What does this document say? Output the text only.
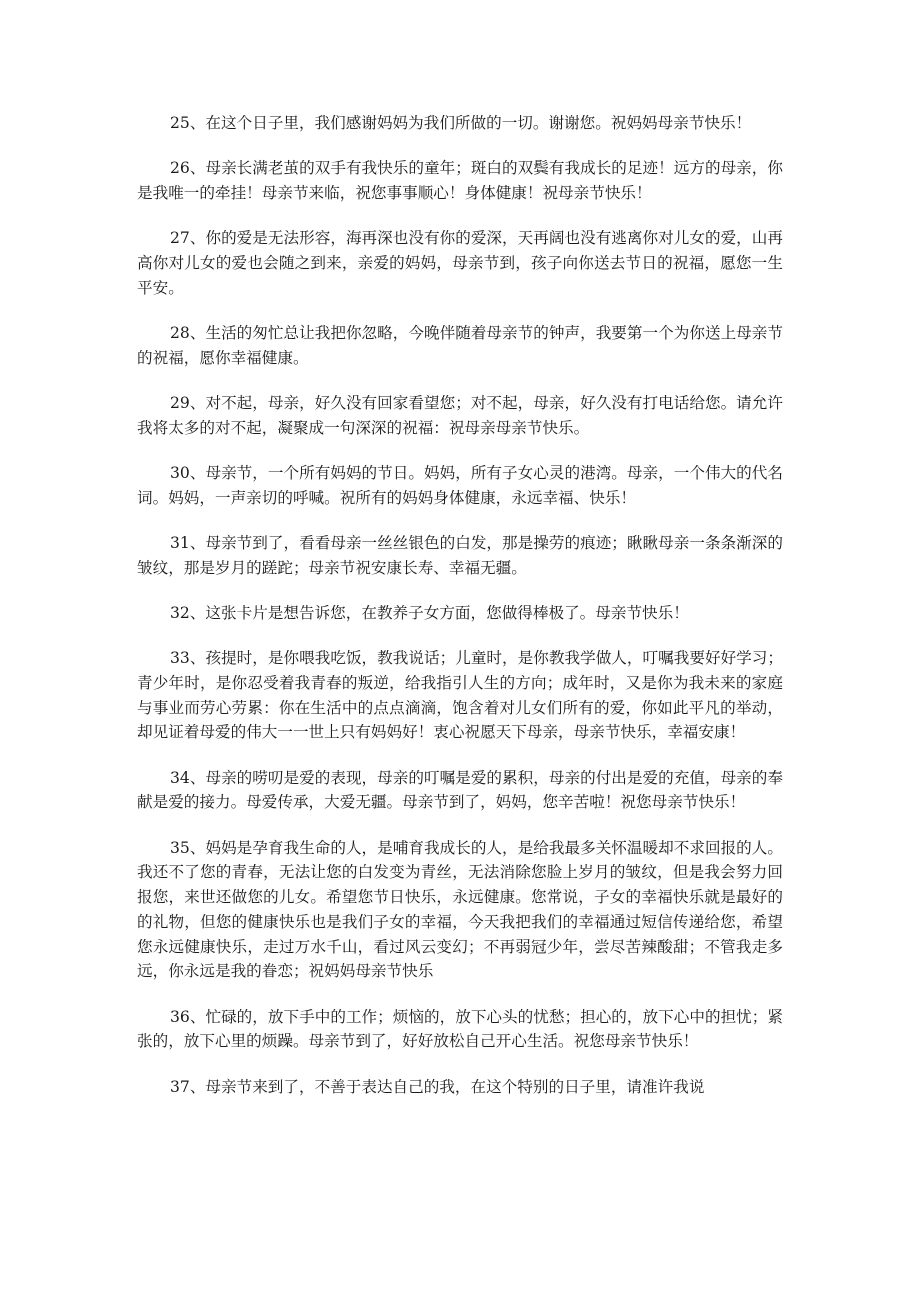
25、在这个日子里，我们感谢妈妈为我们所做的一切。谢谢您。祝妈妈母亲节快乐！

26、母亲长满老茧的双手有我快乐的童年；斑白的双鬓有我成长的足迹！远方的母亲，你是我唯一的牵挂！母亲节来临，祝您事事顺心！身体健康！祝母亲节快乐！

27、你的爱是无法形容，海再深也没有你的爱深，天再阔也没有逃离你对儿女的爱，山再高你对儿女的爱也会随之到来，亲爱的妈妈，母亲节到，孩子向你送去节日的祝福，愿您一生平安。

28、生活的匆忙总让我把你忽略，今晚伴随着母亲节的钟声，我要第一个为你送上母亲节的祝福，愿你幸福健康。

29、对不起，母亲，好久没有回家看望您；对不起，母亲，好久没有打电话给您。请允许我将太多的对不起，凝聚成一句深深的祝福：祝母亲母亲节快乐。

30、母亲节，一个所有妈妈的节日。妈妈，所有子女心灵的港湾。母亲，一个伟大的代名词。妈妈，一声亲切的呼喊。祝所有的妈妈身体健康，永远幸福、快乐！

31、母亲节到了，看看母亲一丝丝银色的白发，那是操劳的痕迹；瞅瞅母亲一条条渐深的皱纹，那是岁月的蹉跎；母亲节祝安康长寿、幸福无疆。

32、这张卡片是想告诉您，在教养子女方面，您做得棒极了。母亲节快乐！

33、孩提时，是你喂我吃饭，教我说话；儿童时，是你教我学做人，叮嘱我要好好学习；青少年时，是你忍受着我青春的叛逆，给我指引人生的方向；成年时，又是你为我未来的家庭与事业而劳心劳累：你在生活中的点点滴滴，饱含着对儿女们所有的爱，你如此平凡的举动，却见证着母爱的伟大一一世上只有妈妈好！衷心祝愿天下母亲，母亲节快乐，幸福安康！

34、母亲的唠叨是爱的表现，母亲的叮嘱是爱的累积，母亲的付出是爱的充值，母亲的奉献是爱的接力。母爱传承，大爱无疆。母亲节到了，妈妈，您辛苦啦！祝您母亲节快乐！

35、妈妈是孕育我生命的人，是哺育我成长的人，是给我最多关怀温暖却不求回报的人。我还不了您的青春，无法让您的白发变为青丝，无法消除您脸上岁月的皱纹，但是我会努力回报您，来世还做您的儿女。希望您节日快乐，永远健康。您常说，子女的幸福快乐就是最好的的礼物，但您的健康快乐也是我们子女的幸福，今天我把我们的幸福通过短信传递给您，希望您永远健康快乐，走过万水千山，看过风云变幻；不再弱冠少年，尝尽苦辣酸甜；不管我走多远，你永远是我的眷恋；祝妈妈母亲节快乐

36、忙碌的，放下手中的工作；烦恼的，放下心头的忧愁；担心的，放下心中的担忧；紧张的，放下心里的烦躁。母亲节到了，好好放松自己开心生活。祝您母亲节快乐！

37、母亲节来到了，不善于表达自己的我，在这个特别的日子里，请准许我说
